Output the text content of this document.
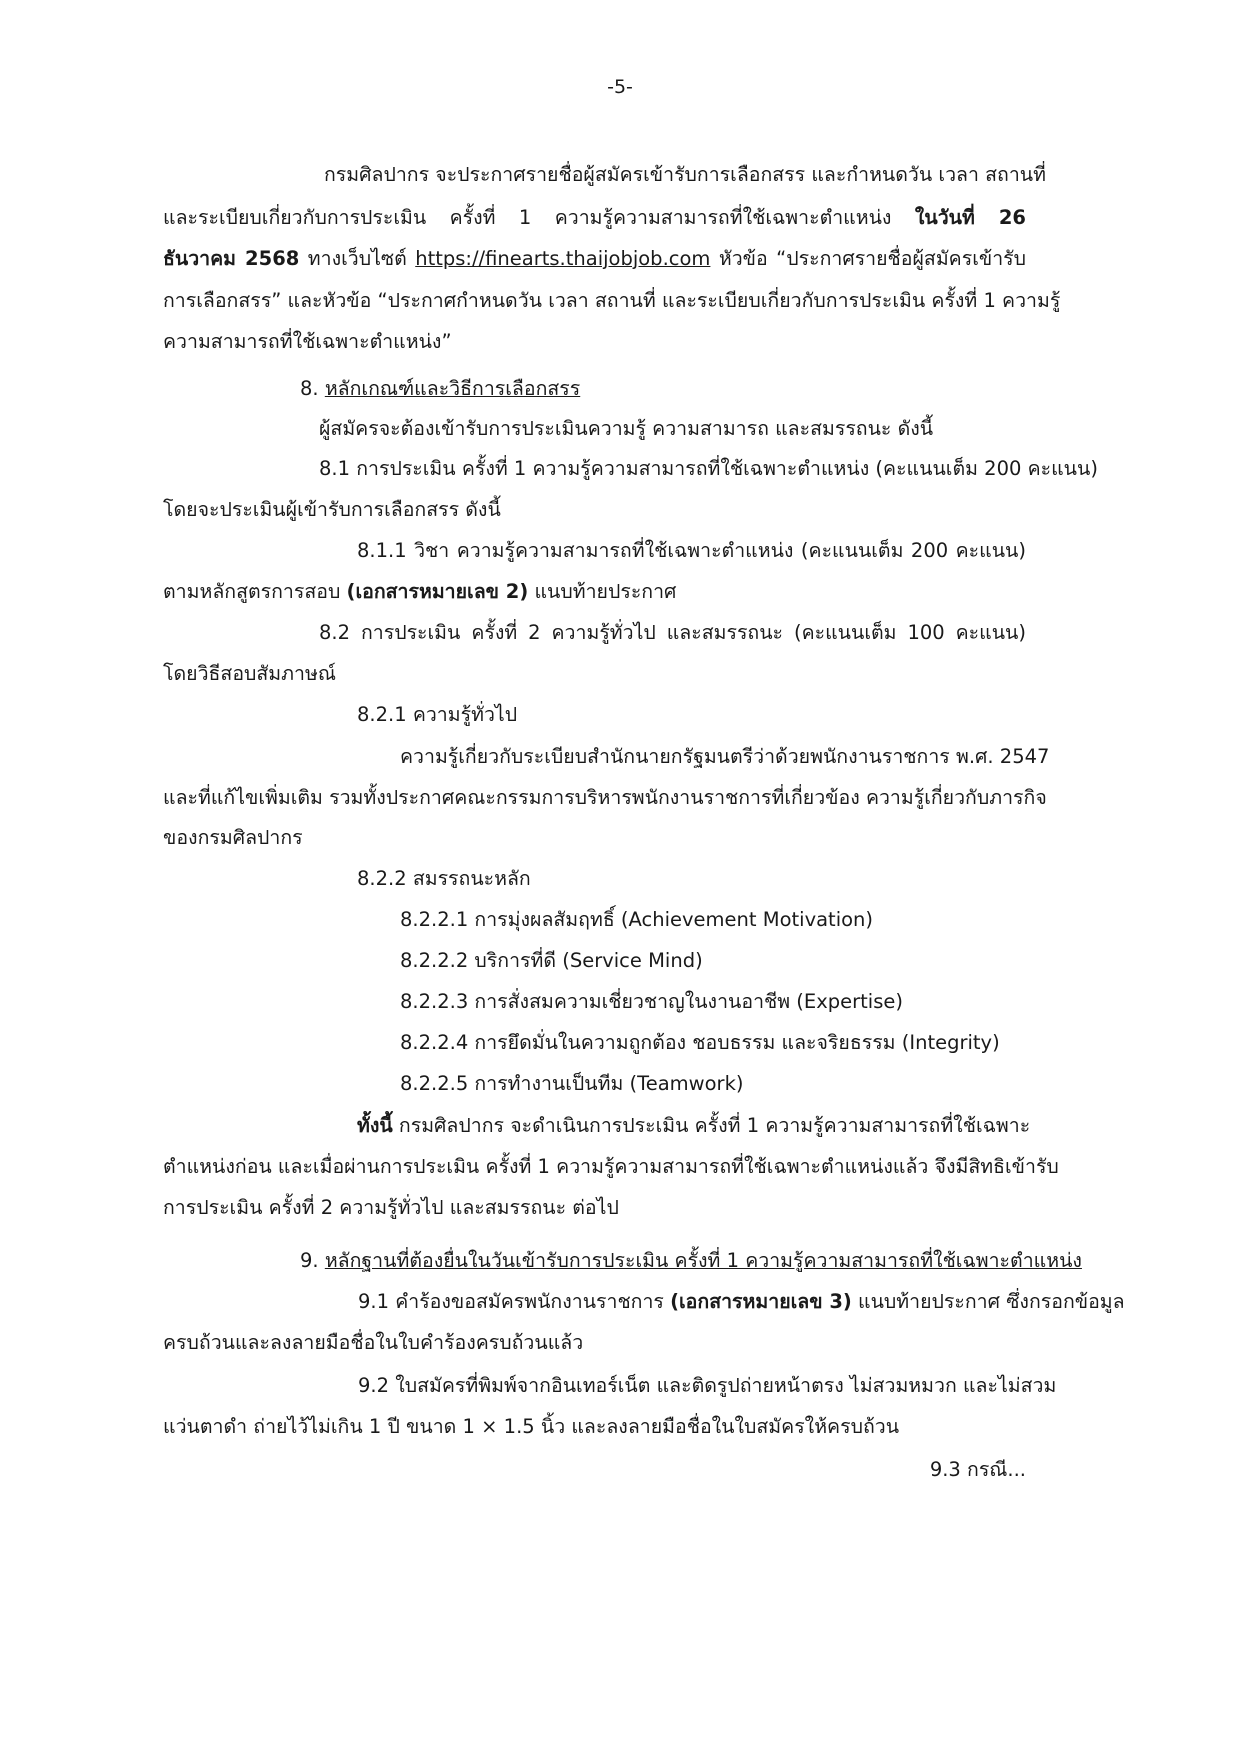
-5-
กรมศิลปากร จะประกาศรายชื่อผู้สมัครเข้ารับการเลือกสรร และกำหนดวัน เวลา สถานที่
และระเบียบเกี่ยวกับการประเมิน ครั้งที่ 1 ความรู้ความสามารถที่ใช้เฉพาะตำแหน่ง ในวันที่ 26
ธันวาคม 2568 ทางเว็บไซต์ https://finearts.thaijobjob.com หัวข้อ “ประกาศรายชื่อผู้สมัครเข้ารับ
การเลือกสรร” และหัวข้อ “ประกาศกำหนดวัน เวลา สถานที่ และระเบียบเกี่ยวกับการประเมิน ครั้งที่ 1 ความรู้
ความสามารถที่ใช้เฉพาะตำแหน่ง”
8. หลักเกณฑ์และวิธีการเลือกสรร
ผู้สมัครจะต้องเข้ารับการประเมินความรู้ ความสามารถ และสมรรถนะ ดังนี้
8.1 การประเมิน ครั้งที่ 1 ความรู้ความสามารถที่ใช้เฉพาะตำแหน่ง (คะแนนเต็ม 200 คะแนน)
โดยจะประเมินผู้เข้ารับการเลือกสรร ดังนี้
8.1.1 วิชา ความรู้ความสามารถที่ใช้เฉพาะตำแหน่ง (คะแนนเต็ม 200 คะแนน)
ตามหลักสูตรการสอบ (เอกสารหมายเลข 2) แนบท้ายประกาศ
8.2 การประเมิน ครั้งที่ 2 ความรู้ทั่วไป และสมรรถนะ (คะแนนเต็ม 100 คะแนน)
โดยวิธีสอบสัมภาษณ์
8.2.1 ความรู้ทั่วไป
ความรู้เกี่ยวกับระเบียบสำนักนายกรัฐมนตรีว่าด้วยพนักงานราชการ พ.ศ. 2547
และที่แก้ไขเพิ่มเติม รวมทั้งประกาศคณะกรรมการบริหารพนักงานราชการที่เกี่ยวข้อง ความรู้เกี่ยวกับภารกิจ
ของกรมศิลปากร
8.2.2 สมรรถนะหลัก
8.2.2.1 การมุ่งผลสัมฤทธิ์ (Achievement Motivation)
8.2.2.2 บริการที่ดี (Service Mind)
8.2.2.3 การสั่งสมความเชี่ยวชาญในงานอาชีพ (Expertise)
8.2.2.4 การยึดมั่นในความถูกต้อง ชอบธรรม และจริยธรรม (Integrity)
8.2.2.5 การทำงานเป็นทีม (Teamwork)
ทั้งนี้ กรมศิลปากร จะดำเนินการประเมิน ครั้งที่ 1 ความรู้ความสามารถที่ใช้เฉพาะ
ตำแหน่งก่อน และเมื่อผ่านการประเมิน ครั้งที่ 1 ความรู้ความสามารถที่ใช้เฉพาะตำแหน่งแล้ว จึงมีสิทธิเข้ารับ
การประเมิน ครั้งที่ 2 ความรู้ทั่วไป และสมรรถนะ ต่อไป
9. หลักฐานที่ต้องยื่นในวันเข้ารับการประเมิน ครั้งที่ 1 ความรู้ความสามารถที่ใช้เฉพาะตำแหน่ง
9.1 คำร้องขอสมัครพนักงานราชการ (เอกสารหมายเลข 3) แนบท้ายประกาศ ซึ่งกรอกข้อมูล
ครบถ้วนและลงลายมือชื่อในใบคำร้องครบถ้วนแล้ว
9.2 ใบสมัครที่พิมพ์จากอินเทอร์เน็ต และติดรูปถ่ายหน้าตรง ไม่สวมหมวก และไม่สวม
แว่นตาดำ ถ่ายไว้ไม่เกิน 1 ปี ขนาด 1 × 1.5 นิ้ว และลงลายมือชื่อในใบสมัครให้ครบถ้วน
9.3 กรณี...
